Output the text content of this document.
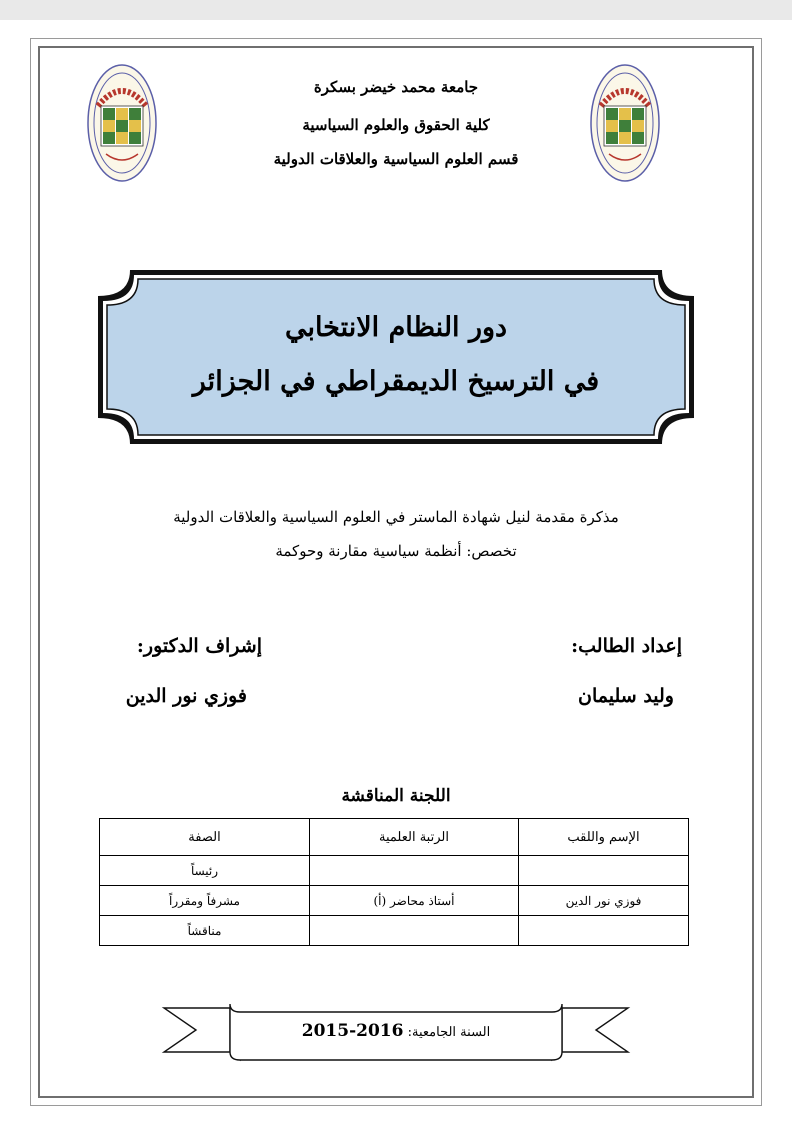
جامعة محمد خيضر بسكرة
كلية الحقوق والعلوم السياسية
قسم العلوم السياسية والعلاقات الدولية
دور النظام الانتخابي
في الترسيخ الديمقراطي في الجزائر
مذكرة مقدمة لنيل شهادة الماستر في العلوم السياسية والعلاقات الدولية
تخصص: أنظمة سياسية مقارنة وحوكمة
إعداد الطالب:
وليد سليمان
إشراف الدكتور:
فوزي نور الدين
اللجنة المناقشة
الإسم واللقب	الرتبة العلمية	الصفة
		رئيساً
فوزي نور الدين	أستاذ محاضر (أ)	مشرفاً ومقرراً
		مناقشاً
السنة الجامعية: 2016-2015
